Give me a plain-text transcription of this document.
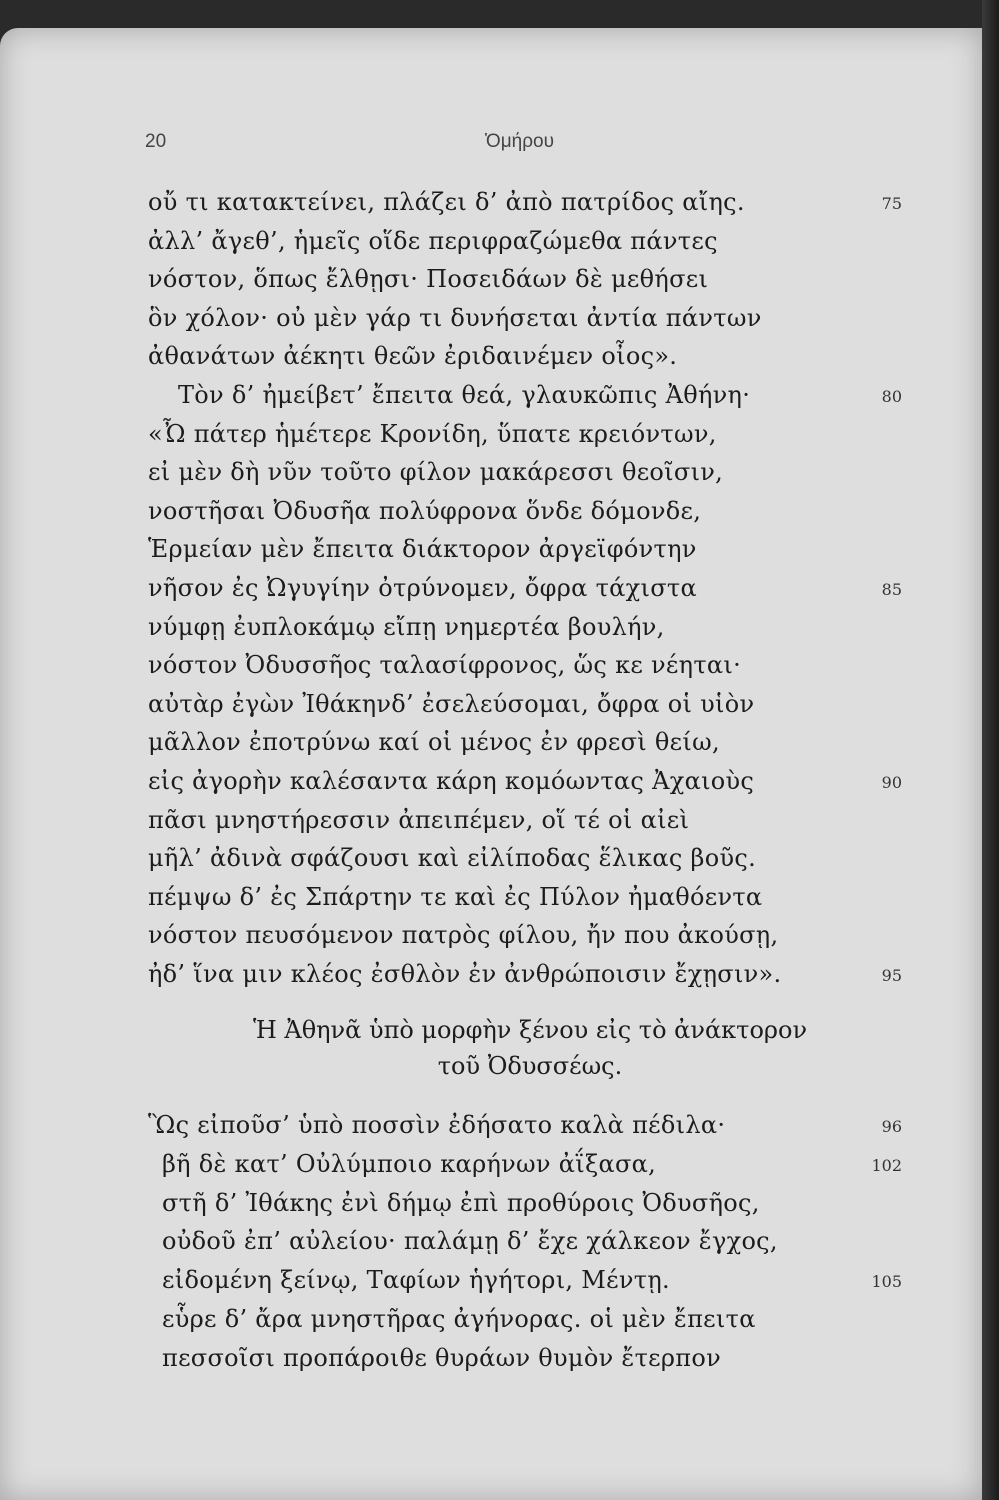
20	Ὁμήρου
οὔ τι κατακτείνει, πλάζει δ’ ἀπὸ πατρίδος αἴης.	75
ἀλλ’ ἄγεθ’, ἡμεῖς οἵδε περιφραζώμεθα πάντες
νόστον, ὅπως ἔλθῃσι· Ποσειδάων δὲ μεθήσει
ὃν χόλον· οὐ μὲν γάρ τι δυνήσεται ἀντία πάντων
ἀθανάτων ἀέκητι θεῶν ἐριδαινέμεν οἶος».
Τὸν δ’ ἠμείβετ’ ἔπειτα θεά, γλαυκῶπις Ἀθήνη·	80
«Ὦ πάτερ ἡμέτερε Κρονίδη, ὕπατε κρειόντων,
εἰ μὲν δὴ νῦν τοῦτο φίλον μακάρεσσι θεοῖσιν,
νοστῆσαι Ὀδυσῆα πολύφρονα ὅνδε δόμονδε,
Ἑρμείαν μὲν ἔπειτα διάκτορον ἀργεϊφόντην
νῆσον ἐς Ὠγυγίην ὀτρύνομεν, ὄφρα τάχιστα	85
νύμφῃ ἐυπλοκάμῳ εἴπῃ νημερτέα βουλήν,
νόστον Ὀδυσσῆος ταλασίφρονος, ὥς κε νέηται·
αὐτὰρ ἐγὼν Ἰθάκηνδ’ ἐσελεύσομαι, ὄφρα οἱ υἱὸν
μᾶλλον ἐποτρύνω καί οἱ μένος ἐν φρεσὶ θείω,
εἰς ἀγορὴν καλέσαντα κάρη κομόωντας Ἀχαιοὺς	90
πᾶσι μνηστήρεσσιν ἀπειπέμεν, οἵ τέ οἱ αἰεὶ
μῆλ’ ἀδινὰ σφάζουσι καὶ εἰλίποδας ἕλικας βοῦς.
πέμψω δ’ ἐς Σπάρτην τε καὶ ἐς Πύλον ἠμαθόεντα
νόστον πευσόμενον πατρὸς φίλου, ἤν που ἀκούσῃ,
ἠδ’ ἵνα μιν κλέος ἐσθλὸν ἐν ἀνθρώποισιν ἔχῃσιν».	95
Ἡ Ἀθηνᾶ ὑπὸ μορφὴν ξένου εἰς τὸ ἀνάκτορον
τοῦ Ὀδυσσέως.
Ὣς εἰποῦσ’ ὑπὸ ποσσὶν ἐδήσατο καλὰ πέδιλα·	96
βῆ δὲ κατ’ Οὐλύμποιο καρήνων ἀΐξασα,	102
στῆ δ’ Ἰθάκης ἐνὶ δήμῳ ἐπὶ προθύροις Ὀδυσῆος,
οὐδοῦ ἐπ’ αὐλείου· παλάμῃ δ’ ἔχε χάλκεον ἔγχος,
εἰδομένη ξείνῳ, Ταφίων ἡγήτορι, Μέντῃ.	105
εὗρε δ’ ἄρα μνηστῆρας ἀγήνορας. οἱ μὲν ἔπειτα
πεσσοῖσι προπάροιθε θυράων θυμὸν ἔτερπον
